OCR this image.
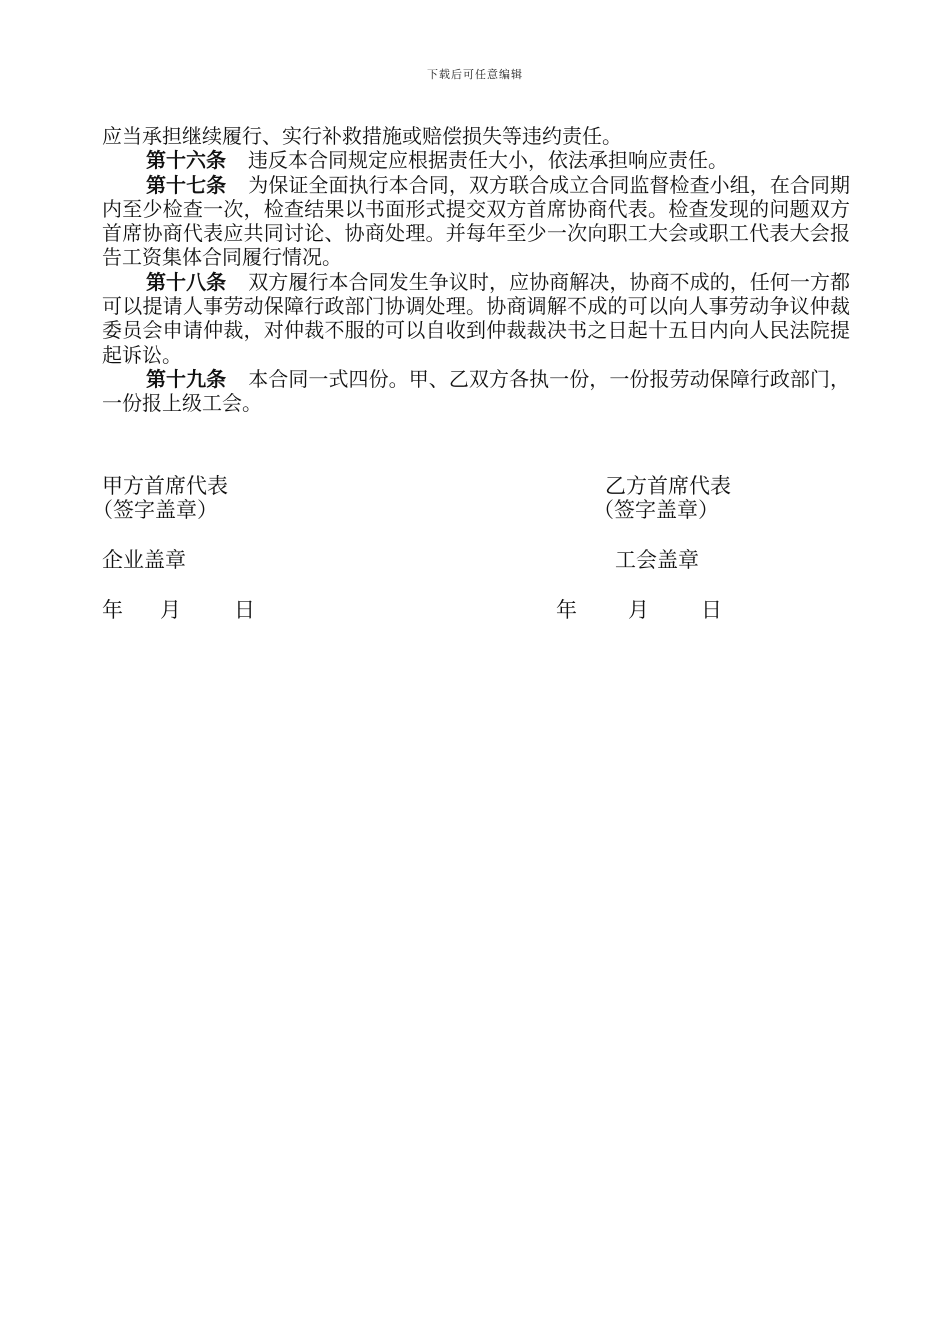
下载后可任意编辑

应当承担继续履行、实行补救措施或赔偿损失等违约责任。

第十六条 违反本合同规定应根据责任大小，依法承担响应责任。

第十七条 为保证全面执行本合同，双方联合成立合同监督检查小组，在合同期内至少检查一次，检查结果以书面形式提交双方首席协商代表。检查发现的问题双方首席协商代表应共同讨论、协商处理。并每年至少一次向职工大会或职工代表大会报告工资集体合同履行情况。

第十八条 双方履行本合同发生争议时，应协商解决，协商不成的，任何一方都可以提请人事劳动保障行政部门协调处理。协商调解不成的可以向人事劳动争议仲裁委员会申请仲裁，对仲裁不服的可以自收到仲裁裁决书之日起十五日内向人民法院提起诉讼。

第十九条 本合同一式四份。甲、乙双方各执一份，一份报劳动保障行政部门，一份报上级工会。

甲方首席代表
（签字盖章）
企业盖章
年 月	日
乙方首席代表
（签字盖章）
工会盖章
年 月 日
